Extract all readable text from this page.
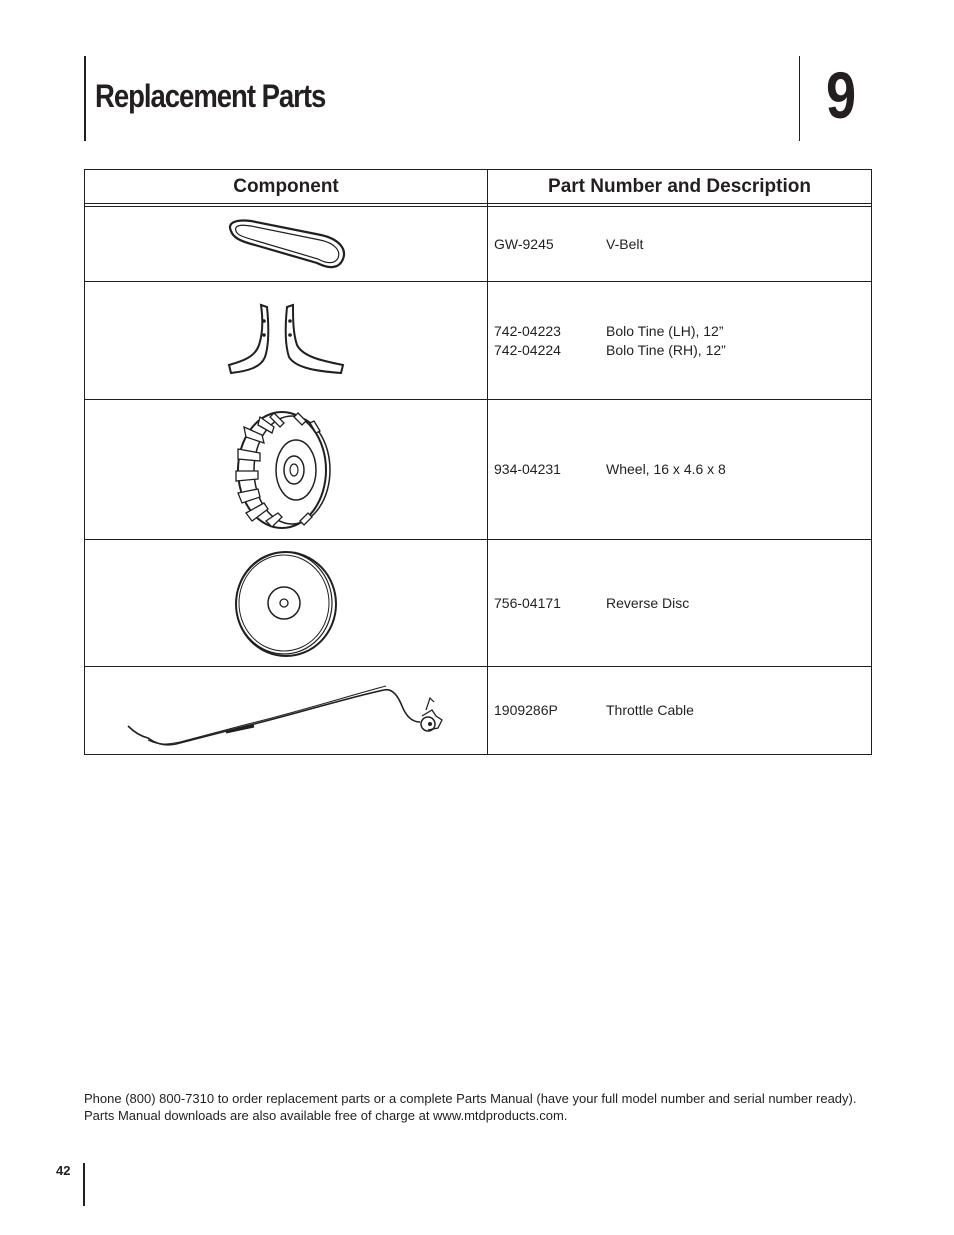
Replacement Parts	9
Component	Part Number and Description

GW-9245 V-Belt

742-04223 Bolo Tine (LH), 12”
742-04224 Bolo Tine (RH), 12”

934-04231 Wheel, 16 x 4.6 x 8

756-04171 Reverse Disc

1909286P Throttle Cable

Phone (800) 800-7310 to order replacement parts or a complete Parts Manual (have your full model number and serial number ready).

Parts Manual downloads are also available free of charge at www.mtdproducts.com.

42
